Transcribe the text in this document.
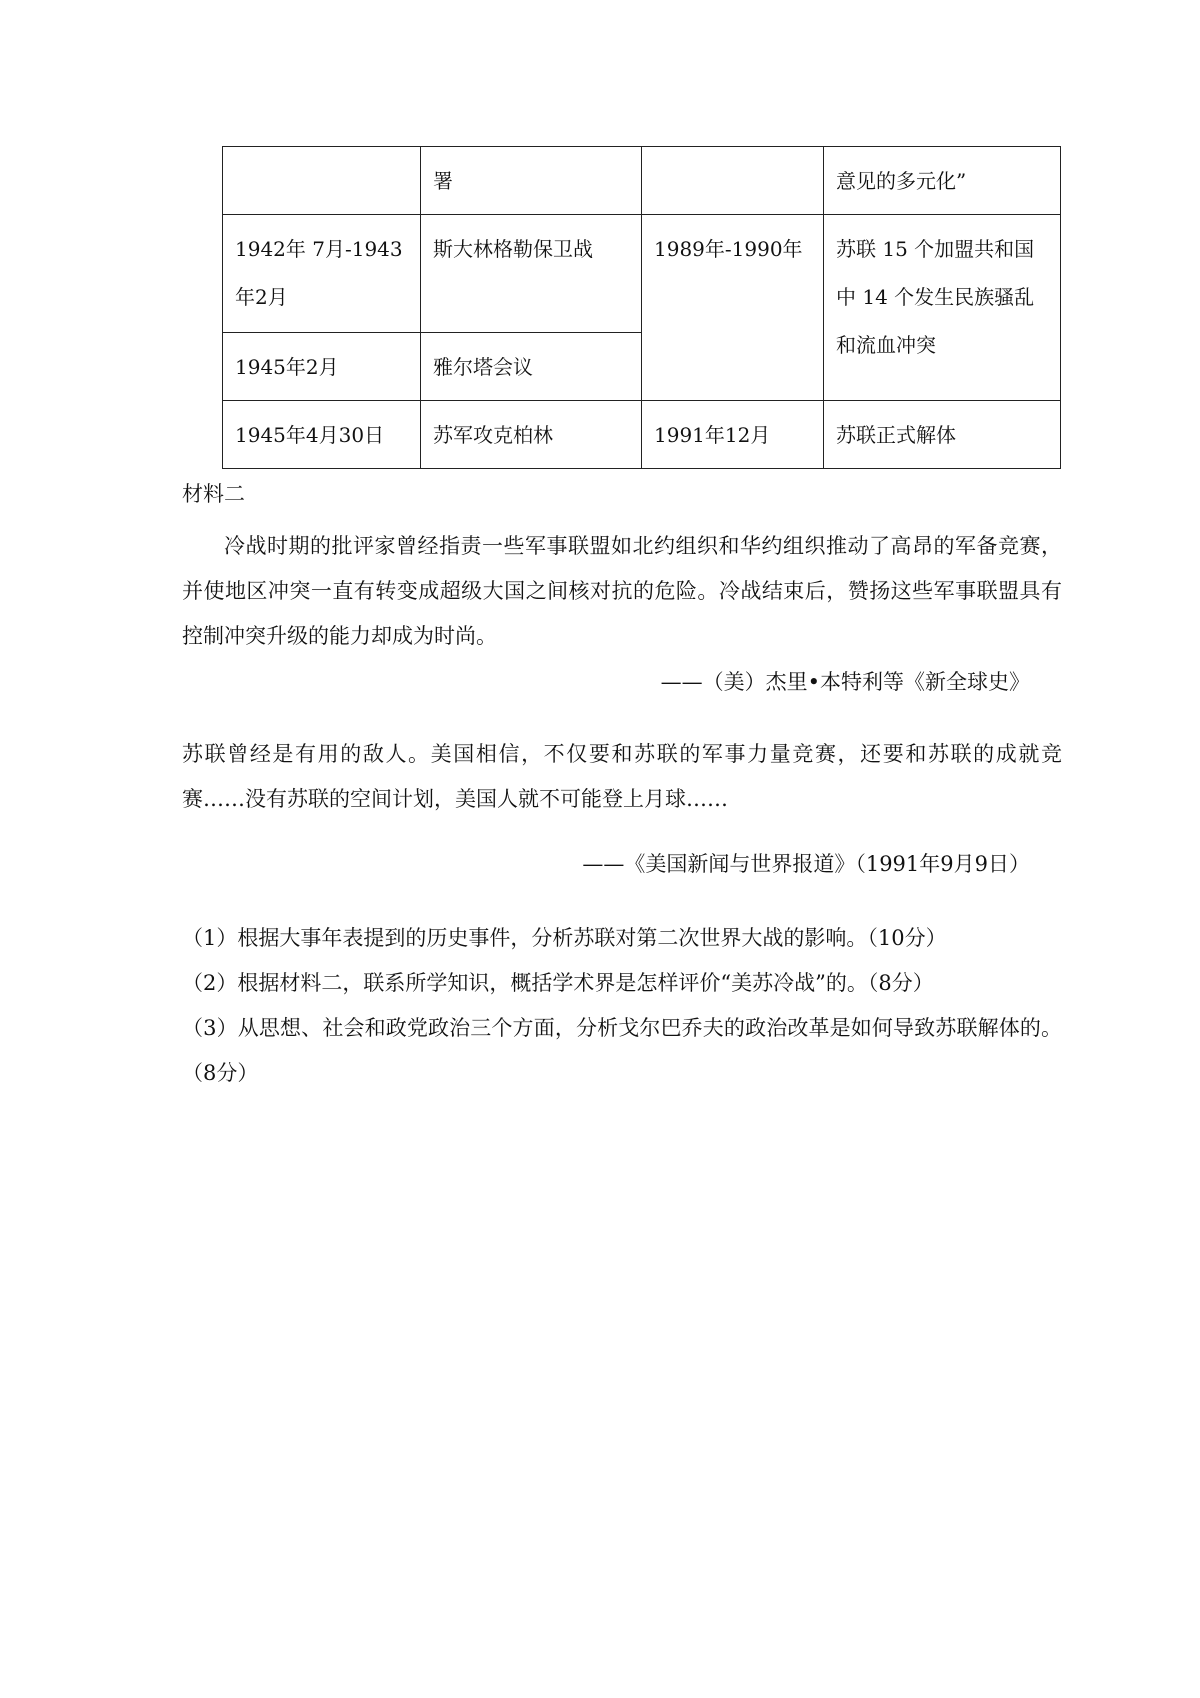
	署		意见的多元化”
1942年 7月-1943年2月	斯大林格勒保卫战	1989年-1990年	苏联 15 个加盟共和国中 14 个发生民族骚乱和流血冲突
1945年2月	雅尔塔会议		
1945年4月30日	苏军攻克柏林	1991年12月	苏联正式解体
材料二
冷战时期的批评家曾经指责一些军事联盟如北约组织和华约组织推动了高昂的军备竞赛，并使地区冲突一直有转变成超级大国之间核对抗的危险。冷战结束后，赞扬这些军事联盟具有控制冲突升级的能力却成为时尚。
——（美）杰里•本特利等《新全球史》
苏联曾经是有用的敌人。美国相信，不仅要和苏联的军事力量竞赛，还要和苏联的成就竞赛……没有苏联的空间计划，美国人就不可能登上月球……
——《美国新闻与世界报道》（1991年9月9日）

（1）根据大事年表提到的历史事件，分析苏联对第二次世界大战的影响。（10分）

（2）根据材料二，联系所学知识，概括学术界是怎样评价“美苏冷战”的。（8分）

（3）从思想、社会和政党政治三个方面，分析戈尔巴乔夫的政治改革是如何导致苏联解体的。（8分）
